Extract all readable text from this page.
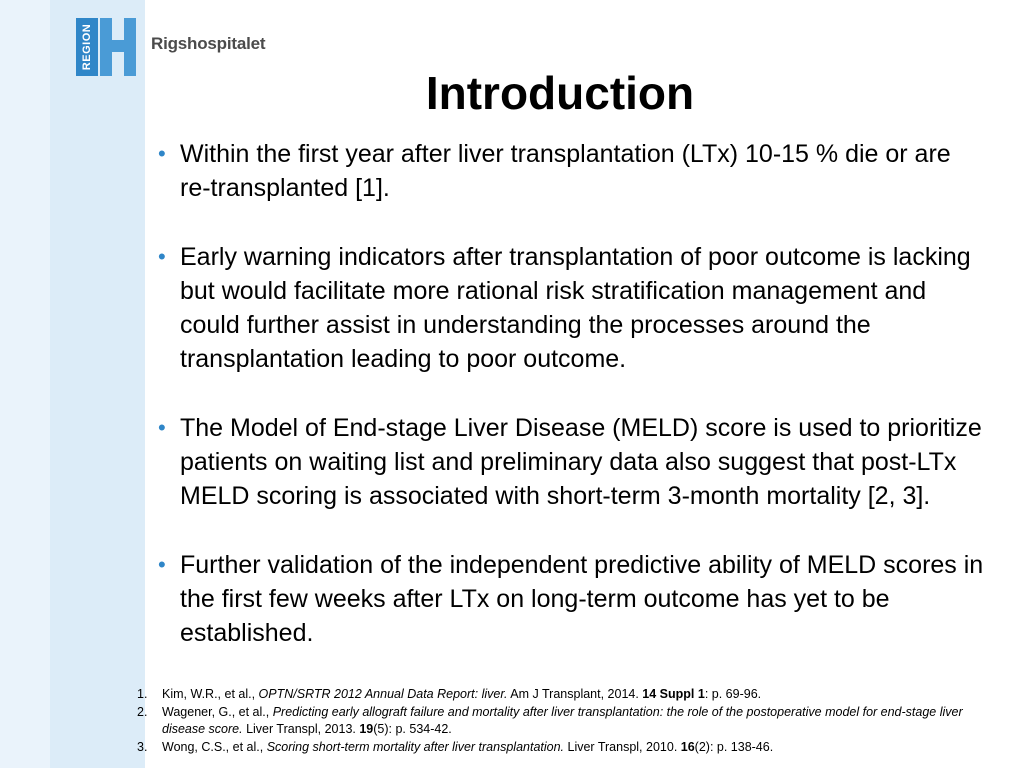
REGION	Rigshospitalet
Introduction
• Within the first year after liver transplantation (LTx) 10-15 % die or are re-transplanted [1].
• Early warning indicators after transplantation of poor outcome is lacking but would facilitate more rational risk stratification management and could further assist in understanding the processes around the transplantation leading to poor outcome.
• The Model of End-stage Liver Disease (MELD) score is used to prioritize patients on waiting list and preliminary data also suggest that post-LTx MELD scoring is associated with short-term 3-month mortality [2, 3].
• Further validation of the independent predictive ability of MELD scores in the first few weeks after LTx on long-term outcome has yet to be established.
1. Kim, W.R., et al., OPTN/SRTR 2012 Annual Data Report: liver. Am J Transplant, 2014. 14 Suppl 1: p. 69-96.
2. Wagener, G., et al., Predicting early allograft failure and mortality after liver transplantation: the role of the postoperative model for end-stage liver disease score. Liver Transpl, 2013. 19(5): p. 534-42.
3. Wong, C.S., et al., Scoring short-term mortality after liver transplantation. Liver Transpl, 2010. 16(2): p. 138-46.
